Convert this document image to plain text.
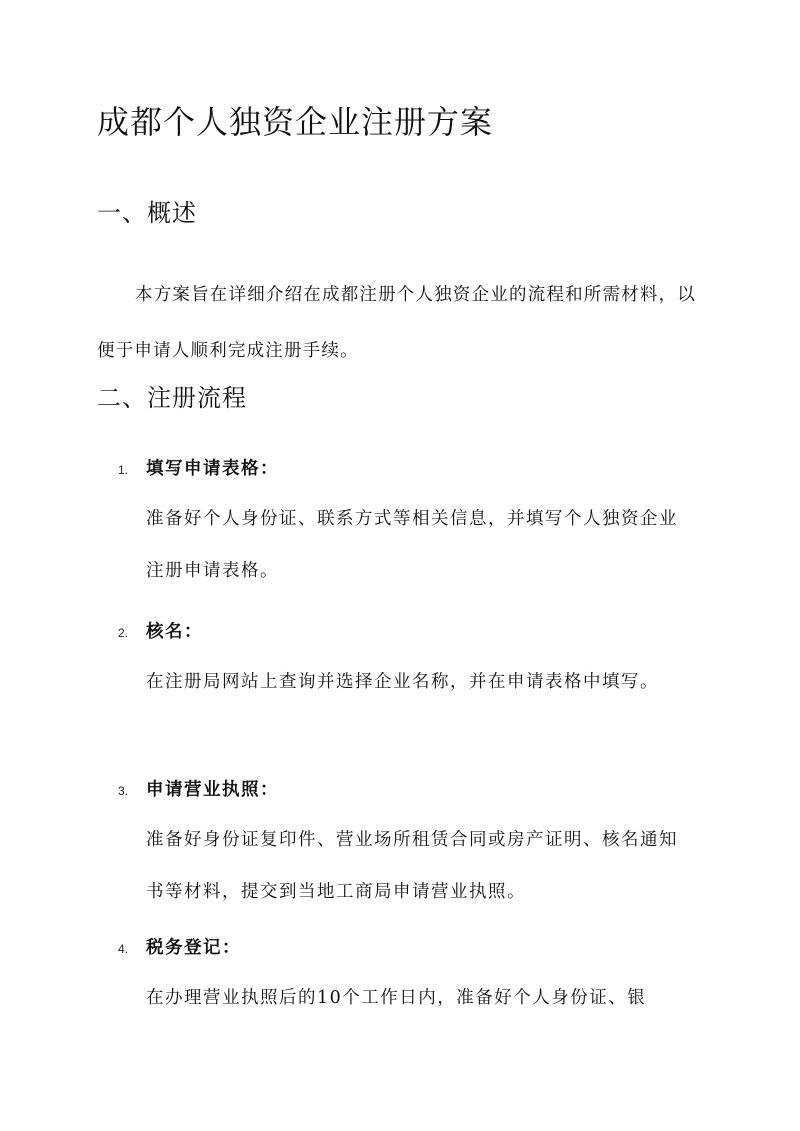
成都个人独资企业注册方案
一、概述
本方案旨在详细介绍在成都注册个人独资企业的流程和所需材料，以便于申请人顺利完成注册手续。
二、注册流程
1.	填写申请表格：
准备好个人身份证、联系方式等相关信息，并填写个人独资企业注册申请表格。
2.	核名：
在注册局网站上查询并选择企业名称，并在申请表格中填写。
3.	申请营业执照：
准备好身份证复印件、营业场所租赁合同或房产证明、核名通知书等材料，提交到当地工商局申请营业执照。
4.	税务登记：
在办理营业执照后的10个工作日内，准备好个人身份证、银
